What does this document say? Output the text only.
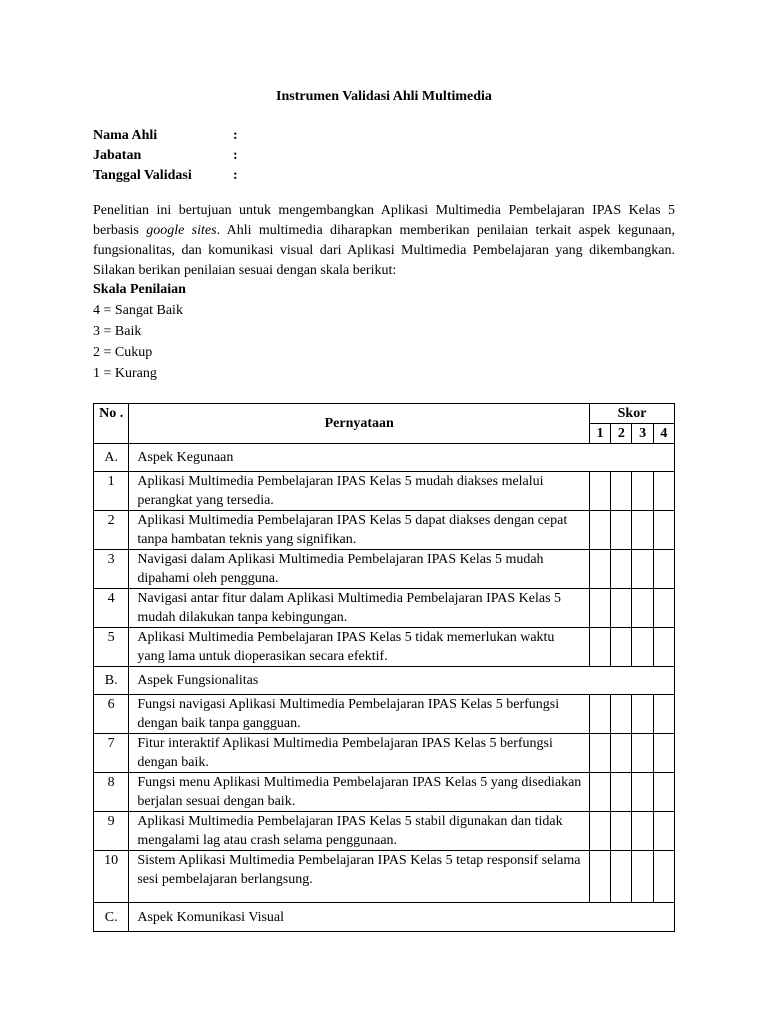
Instrumen Validasi Ahli Multimedia
Nama Ahli	:
Jabatan	:
Tanggal Validasi	:
Penelitian ini bertujuan untuk mengembangkan Aplikasi Multimedia Pembelajaran IPAS Kelas 5 berbasis google sites. Ahli multimedia diharapkan memberikan penilaian terkait aspek kegunaan, fungsionalitas, dan komunikasi visual dari Aplikasi Multimedia Pembelajaran yang dikembangkan. Silakan berikan penilaian sesuai dengan skala berikut:
Skala Penilaian
4 = Sangat Baik
3 = Baik
2 = Cukup
1 = Kurang
No .	Pernyataan	Skor			
		1	2	3	4
A.	Aspek Kegunaan				
1	Aplikasi Multimedia Pembelajaran IPAS Kelas 5 mudah diakses melalui perangkat yang tersedia.				
2	Aplikasi Multimedia Pembelajaran IPAS Kelas 5 dapat diakses dengan cepat tanpa hambatan teknis yang signifikan.				
3	Navigasi dalam Aplikasi Multimedia Pembelajaran IPAS Kelas 5 mudah dipahami oleh pengguna.				
4	Navigasi antar fitur dalam Aplikasi Multimedia Pembelajaran IPAS Kelas 5 mudah dilakukan tanpa kebingungan.				
5	Aplikasi Multimedia Pembelajaran IPAS Kelas 5 tidak memerlukan waktu yang lama untuk dioperasikan secara efektif.				
B.	Aspek Fungsionalitas				
6	Fungsi navigasi Aplikasi Multimedia Pembelajaran IPAS Kelas 5 berfungsi dengan baik tanpa gangguan.				
7	Fitur interaktif Aplikasi Multimedia Pembelajaran IPAS Kelas 5 berfungsi dengan baik.				
8	Fungsi menu Aplikasi Multimedia Pembelajaran IPAS Kelas 5 yang disediakan berjalan sesuai dengan baik.				
9	Aplikasi Multimedia Pembelajaran IPAS Kelas 5 stabil digunakan dan tidak mengalami lag atau crash selama penggunaan.				
10	Sistem Aplikasi Multimedia Pembelajaran IPAS Kelas 5 tetap responsif selama sesi pembelajaran berlangsung.				
C.	Aspek Komunikasi Visual				
